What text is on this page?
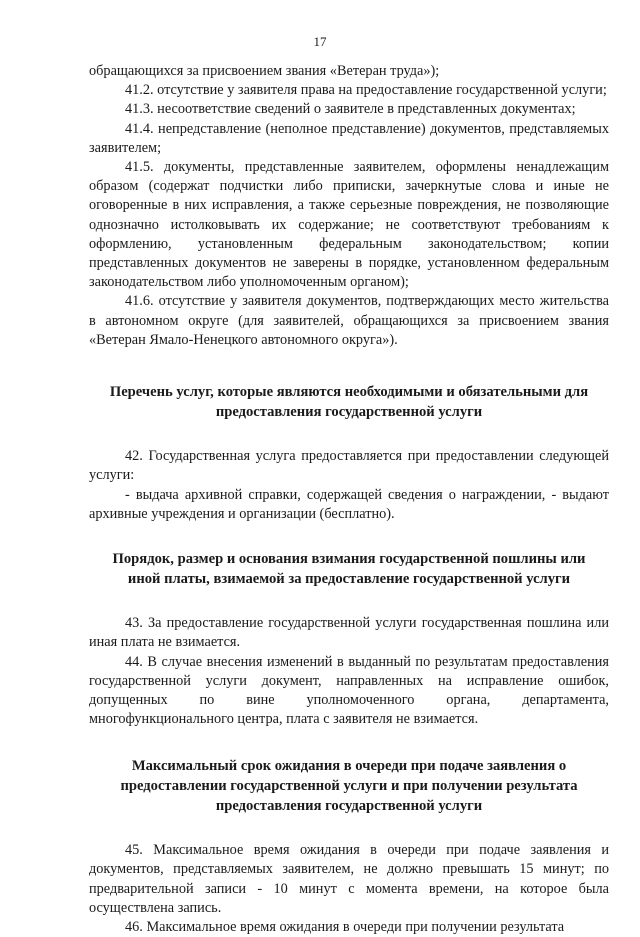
17

обращающихся за присвоением звания «Ветеран труда»);

41.2. отсутствие у заявителя права на предоставление государственной услуги;

41.3. несоответствие сведений о заявителе в представленных документах;

41.4. непредставление (неполное представление) документов, представляемых заявителем;

41.5. документы, представленные заявителем, оформлены ненадлежащим образом (содержат подчистки либо приписки, зачеркнутые слова и иные не оговоренные в них исправления, а также серьезные повреждения, не позволяющие однозначно истолковывать их содержание; не соответствуют требованиям к оформлению, установленным федеральным законодательством; копии представленных документов не заверены в порядке, установленном федеральным законодательством либо уполномоченным органом);

41.6. отсутствие у заявителя документов, подтверждающих место жительства в автономном округе (для заявителей, обращающихся за присвоением звания «Ветеран Ямало-Ненецкого автономного округа»).

Перечень услуг, которые являются необходимыми и обязательными для предоставления государственной услуги

42. Государственная услуга предоставляется при предоставлении следующей услуги:

- выдача архивной справки, содержащей сведения о награждении, - выдают архивные учреждения и организации (бесплатно).

Порядок, размер и основания взимания государственной пошлины или иной платы, взимаемой за предоставление государственной услуги

43. За предоставление государственной услуги государственная пошлина или иная плата не взимается.

44. В случае внесения изменений в выданный по результатам предоставления государственной услуги документ, направленных на исправление ошибок, допущенных по вине уполномоченного органа, департамента, многофункционального центра, плата с заявителя не взимается.

Максимальный срок ожидания в очереди при подаче заявления о предоставлении государственной услуги и при получении результата предоставления государственной услуги

45. Максимальное время ожидания в очереди при подаче заявления и документов, представляемых заявителем, не должно превышать 15 минут; по предварительной записи - 10 минут с момента времени, на которое была осуществлена запись.

46. Максимальное время ожидания в очереди при получении результата
